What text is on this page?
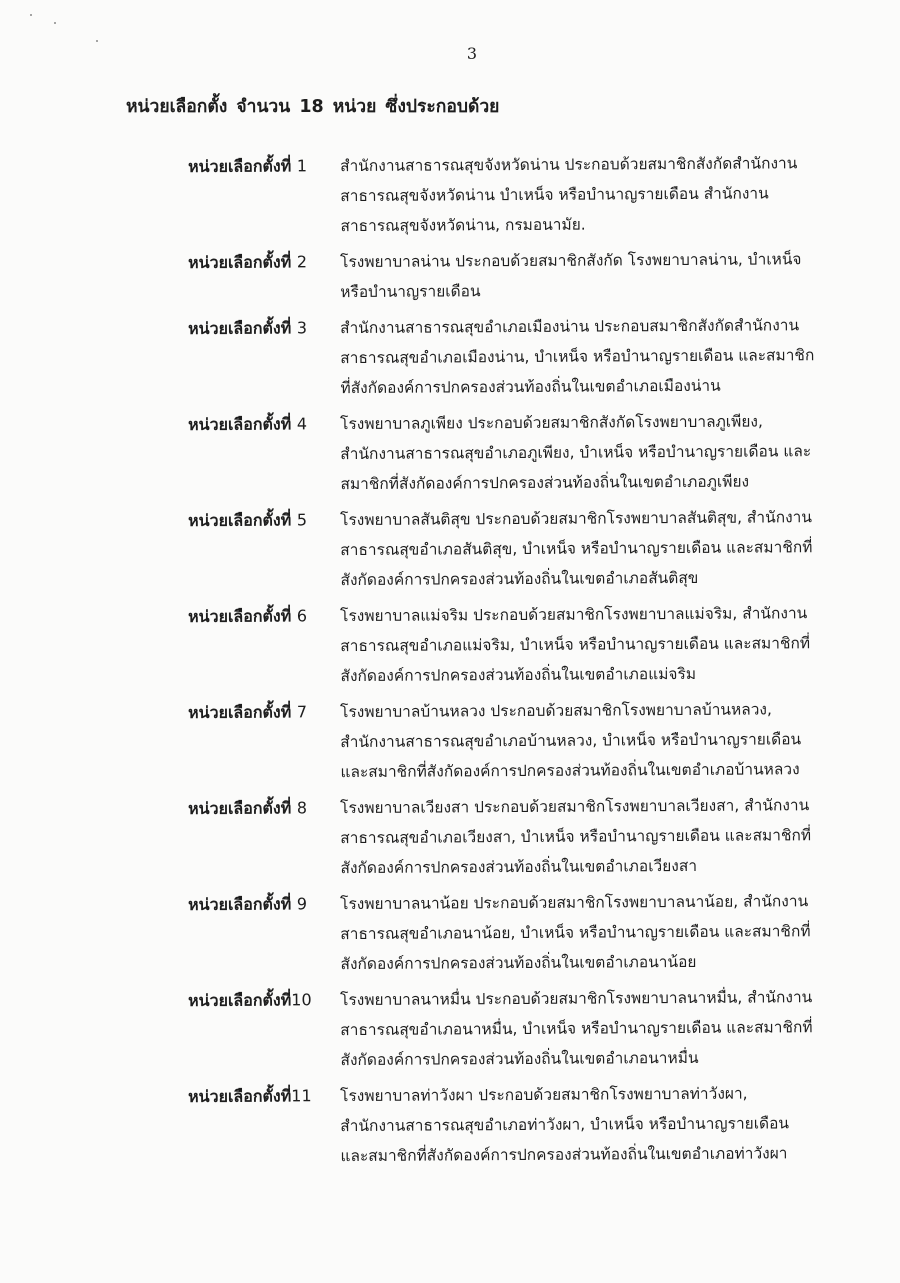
3
หน่วยเลือกตั้ง จำนวน 18 หน่วย ซึ่งประกอบด้วย
หน่วยเลือกตั้งที่ 1	สำนักงานสาธารณสุขจังหวัดน่าน ประกอบด้วยสมาชิกสังกัดสำนักงาน
สาธารณสุขจังหวัดน่าน บำเหน็จ หรือบำนาญรายเดือน สำนักงาน
สาธารณสุขจังหวัดน่าน, กรมอนามัย.
หน่วยเลือกตั้งที่ 2	โรงพยาบาลน่าน ประกอบด้วยสมาชิกสังกัด โรงพยาบาลน่าน, บำเหน็จ
หรือบำนาญรายเดือน
หน่วยเลือกตั้งที่ 3	สำนักงานสาธารณสุขอำเภอเมืองน่าน ประกอบสมาชิกสังกัดสำนักงาน
สาธารณสุขอำเภอเมืองน่าน, บำเหน็จ หรือบำนาญรายเดือน และสมาชิก
ที่สังกัดองค์การปกครองส่วนท้องถิ่นในเขตอำเภอเมืองน่าน
หน่วยเลือกตั้งที่ 4	โรงพยาบาลภูเพียง ประกอบด้วยสมาชิกสังกัดโรงพยาบาลภูเพียง,
สำนักงานสาธารณสุขอำเภอภูเพียง, บำเหน็จ หรือบำนาญรายเดือน และ
สมาชิกที่สังกัดองค์การปกครองส่วนท้องถิ่นในเขตอำเภอภูเพียง
หน่วยเลือกตั้งที่ 5	โรงพยาบาลสันติสุข ประกอบด้วยสมาชิกโรงพยาบาลสันติสุข, สำนักงาน
สาธารณสุขอำเภอสันติสุข, บำเหน็จ หรือบำนาญรายเดือน และสมาชิกที่
สังกัดองค์การปกครองส่วนท้องถิ่นในเขตอำเภอสันติสุข
หน่วยเลือกตั้งที่ 6	โรงพยาบาลแม่จริม ประกอบด้วยสมาชิกโรงพยาบาลแม่จริม, สำนักงาน
สาธารณสุขอำเภอแม่จริม, บำเหน็จ หรือบำนาญรายเดือน และสมาชิกที่
สังกัดองค์การปกครองส่วนท้องถิ่นในเขตอำเภอแม่จริม
หน่วยเลือกตั้งที่ 7	โรงพยาบาลบ้านหลวง ประกอบด้วยสมาชิกโรงพยาบาลบ้านหลวง,
สำนักงานสาธารณสุขอำเภอบ้านหลวง, บำเหน็จ หรือบำนาญรายเดือน
และสมาชิกที่สังกัดองค์การปกครองส่วนท้องถิ่นในเขตอำเภอบ้านหลวง
หน่วยเลือกตั้งที่ 8	โรงพยาบาลเวียงสา ประกอบด้วยสมาชิกโรงพยาบาลเวียงสา, สำนักงาน
สาธารณสุขอำเภอเวียงสา, บำเหน็จ หรือบำนาญรายเดือน และสมาชิกที่
สังกัดองค์การปกครองส่วนท้องถิ่นในเขตอำเภอเวียงสา
หน่วยเลือกตั้งที่ 9	โรงพยาบาลนาน้อย ประกอบด้วยสมาชิกโรงพยาบาลนาน้อย, สำนักงาน
สาธารณสุขอำเภอนาน้อย, บำเหน็จ หรือบำนาญรายเดือน และสมาชิกที่
สังกัดองค์การปกครองส่วนท้องถิ่นในเขตอำเภอนาน้อย
หน่วยเลือกตั้งที่10	โรงพยาบาลนาหมื่น ประกอบด้วยสมาชิกโรงพยาบาลนาหมื่น, สำนักงาน
สาธารณสุขอำเภอนาหมื่น, บำเหน็จ หรือบำนาญรายเดือน และสมาชิกที่
สังกัดองค์การปกครองส่วนท้องถิ่นในเขตอำเภอนาหมื่น
หน่วยเลือกตั้งที่11	โรงพยาบาลท่าวังผา ประกอบด้วยสมาชิกโรงพยาบาลท่าวังผา,
สำนักงานสาธารณสุขอำเภอท่าวังผา, บำเหน็จ หรือบำนาญรายเดือน
และสมาชิกที่สังกัดองค์การปกครองส่วนท้องถิ่นในเขตอำเภอท่าวังผา
